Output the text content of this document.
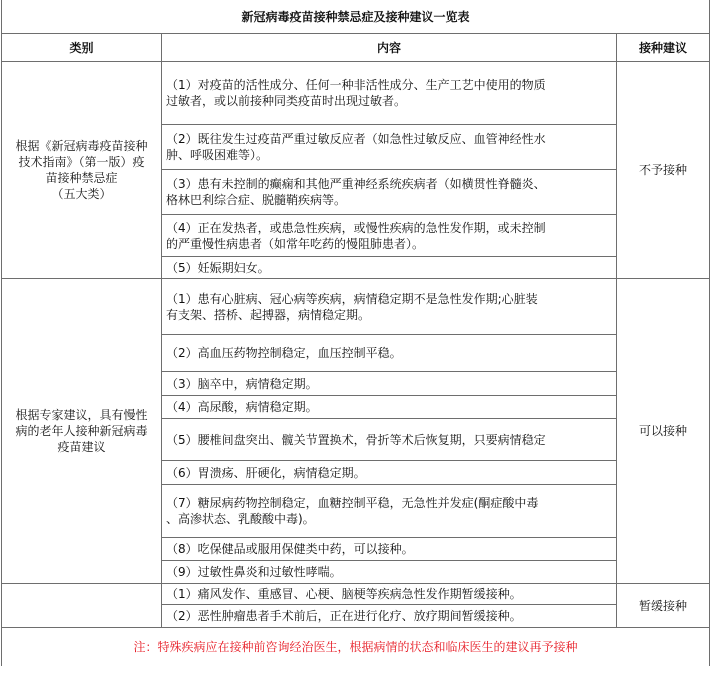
新冠病毒疫苗接种禁忌症及接种建议一览表		
类别	内容	接种建议
根据《新冠病毒疫苗接种
技术指南》（第一版）疫
苗接种禁忌症
（五大类）	（1）对疫苗的活性成分、任何一种非活性成分、生产工艺中使用的物质
过敏者，或以前接种同类疫苗时出现过敏者。	不予接种
	（2）既往发生过疫苗严重过敏反应者（如急性过敏反应、血管神经性水
肿、呼吸困难等）。	
	（3）患有未控制的癫痫和其他严重神经系统疾病者（如横贯性脊髓炎、
格林巴利综合症、脱髓鞘疾病等。	
	（4）正在发热者，或患急性疾病，或慢性疾病的急性发作期，或未控制
的严重慢性病患者（如常年吃药的慢阻肺患者）。	
	（5）妊娠期妇女。	
根据专家建议，具有慢性
病的老年人接种新冠病毒
疫苗建议	（1）患有心脏病、冠心病等疾病，病情稳定期不是急性发作期;心脏装
有支架、搭桥、起搏器，病情稳定期。	可以接种
	（2）高血压药物控制稳定，血压控制平稳。	
	（3）脑卒中，病情稳定期。	
	（4）高尿酸，病情稳定期。	
	（5）腰椎间盘突出、髋关节置换术，骨折等术后恢复期，只要病情稳定	
	（6）胃溃疡、肝硬化，病情稳定期。	
	（7）糖尿病药物控制稳定，血糖控制平稳，无急性并发症(酮症酸中毒
、高渗状态、乳酸酸中毒)。	
	（8）吃保健品或服用保健类中药，可以接种。	
	（9）过敏性鼻炎和过敏性哮喘。	
	（1）痛风发作、重感冒、心梗、脑梗等疾病急性发作期暂缓接种。	暂缓接种
	（2）恶性肿瘤患者手术前后，正在进行化疗、放疗期间暂缓接种。	
注：特殊疾病应在接种前咨询经治医生，根据病情的状态和临床医生的建议再予接种		
